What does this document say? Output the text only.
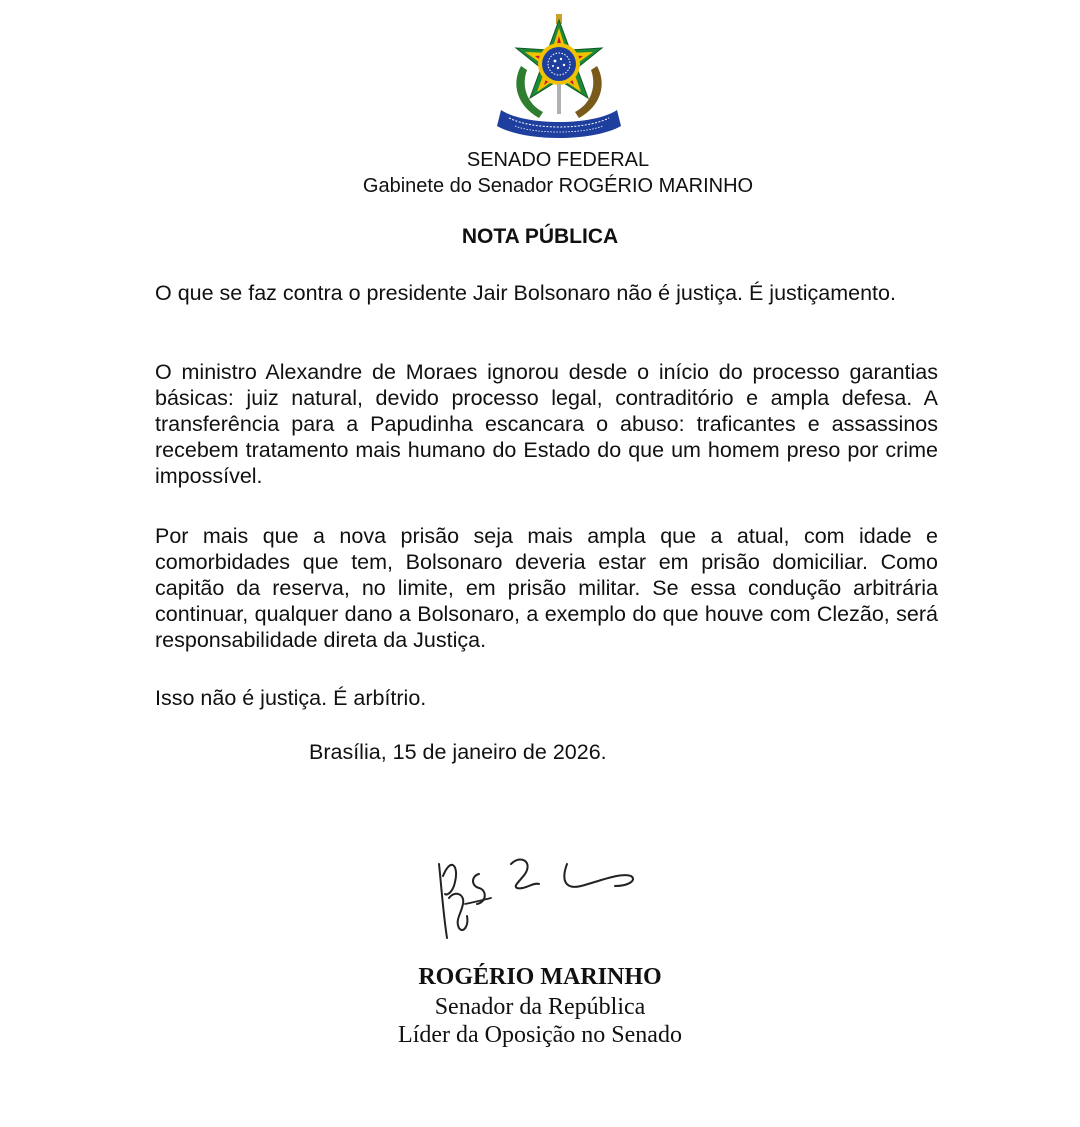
SENADO FEDERAL
Gabinete do Senador ROGÉRIO MARINHO
NOTA PÚBLICA

O que se faz contra o presidente Jair Bolsonaro não é justiça. É justiçamento.

O ministro Alexandre de Moraes ignorou desde o início do processo garantias básicas: juiz natural, devido processo legal, contraditório e ampla defesa. A transferência para a Papudinha escancara o abuso: traficantes e assassinos recebem tratamento mais humano do Estado do que um homem preso por crime impossível.

Por mais que a nova prisão seja mais ampla que a atual, com idade e comorbidades que tem, Bolsonaro deveria estar em prisão domiciliar. Como capitão da reserva, no limite, em prisão militar. Se essa condução arbitrária continuar, qualquer dano a Bolsonaro, a exemplo do que houve com Clezão, será responsabilidade direta da Justiça.

Isso não é justiça. É arbítrio.

Brasília, 15 de janeiro de 2026.
ROGÉRIO MARINHO
Senador da República
Líder da Oposição no Senado
